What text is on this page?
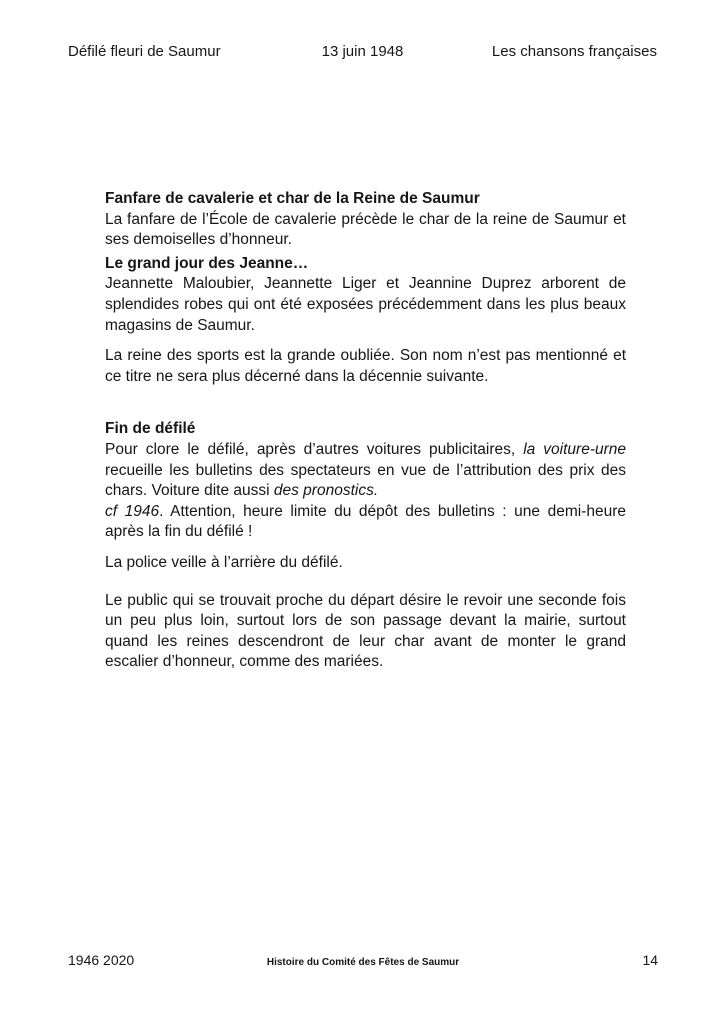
Défilé fleuri de Saumur	13 juin 1948	Les chansons françaises
Fanfare de cavalerie et char de la Reine de Saumur

La fanfare de l’École de cavalerie précède le char de la reine de Saumur et ses demoiselles d’honneur.

Le grand jour des Jeanne…

Jeannette Maloubier, Jeannette Liger et Jeannine Duprez arborent de splendides robes qui ont été exposées précédemment dans les plus beaux magasins de Saumur.

La reine des sports est la grande oubliée. Son nom n’est pas mentionné et ce titre ne sera plus décerné dans la décennie suivante.

Fin de défilé

Pour clore le défilé, après d’autres voitures publicitaires, la voiture-urne recueille les bulletins des spectateurs en vue de l’attribution des prix des chars. Voiture dite aussi des pronostics.

cf 1946. Attention, heure limite du dépôt des bulletins : une demi-heure après la fin du défilé !

La police veille à l’arrière du défilé.

Le public qui se trouvait proche du départ désire le revoir une seconde fois un peu plus loin, surtout lors de son passage devant la mairie, surtout quand les reines descendront de leur char avant de monter le grand escalier d’honneur, comme des mariées.

1946 2020	Histoire du Comité des Fêtes de Saumur	14
